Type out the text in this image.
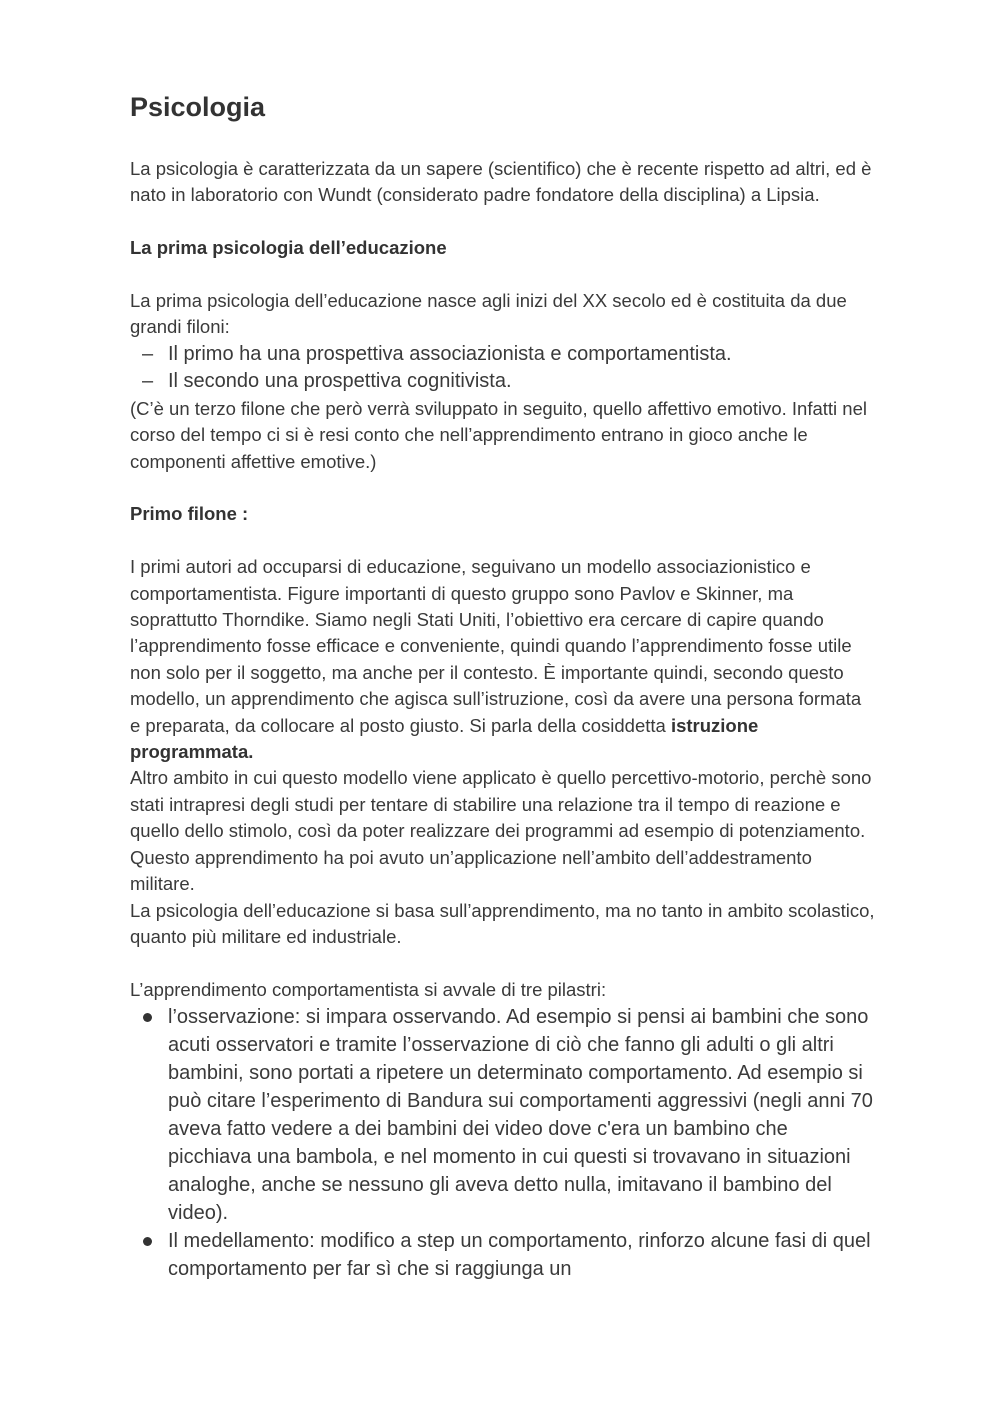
Psicologia

La psicologia è caratterizzata da un sapere (scientifico) che è recente rispetto ad altri, ed è nato in laboratorio con Wundt (considerato padre fondatore della disciplina) a Lipsia.

La prima psicologia dell’educazione

La prima psicologia dell’educazione nasce agli inizi del XX secolo ed è costituita da due grandi filoni:

– Il primo ha una prospettiva associazionista e comportamentista.
– Il secondo una prospettiva cognitivista.

(C’è un terzo filone che però verrà sviluppato in seguito, quello affettivo emotivo. Infatti nel corso del tempo ci si è resi conto che nell’apprendimento entrano in gioco anche le componenti affettive emotive.)

Primo filone :

I primi autori ad occuparsi di educazione, seguivano un modello associazionistico e comportamentista. Figure importanti di questo gruppo sono Pavlov e Skinner, ma soprattutto Thorndike. Siamo negli Stati Uniti, l’obiettivo era cercare di capire quando l’apprendimento fosse efficace e conveniente, quindi quando l’apprendimento fosse utile non solo per il soggetto, ma anche per il contesto. È importante quindi, secondo questo modello, un apprendimento che agisca sull’istruzione, così da avere una persona formata e preparata, da collocare al posto giusto. Si parla della cosiddetta istruzione programmata.

Altro ambito in cui questo modello viene applicato è quello percettivo-motorio, perchè sono stati intrapresi degli studi per tentare di stabilire una relazione tra il tempo di reazione e quello dello stimolo, così da poter realizzare dei programmi ad esempio di potenziamento. Questo apprendimento ha poi avuto un’applicazione nell’ambito dell’addestramento militare.

La psicologia dell’educazione si basa sull’apprendimento, ma no tanto in ambito scolastico, quanto più militare ed industriale.

L’apprendimento comportamentista si avvale di tre pilastri:

l’osservazione: si impara osservando. Ad esempio si pensi ai bambini che sono acuti osservatori e tramite l’osservazione di ciò che fanno gli adulti o gli altri bambini, sono portati a ripetere un determinato comportamento. Ad esempio si può citare l’esperimento di Bandura sui comportamenti aggressivi (negli anni 70 aveva fatto vedere a dei bambini dei video dove c'era un bambino che picchiava una bambola, e nel momento in cui questi si trovavano in situazioni analoghe, anche se nessuno gli aveva detto nulla, imitavano il bambino del video).
Il medellamento: modifico a step un comportamento, rinforzo alcune fasi di quel comportamento per far sì che si raggiunga un
